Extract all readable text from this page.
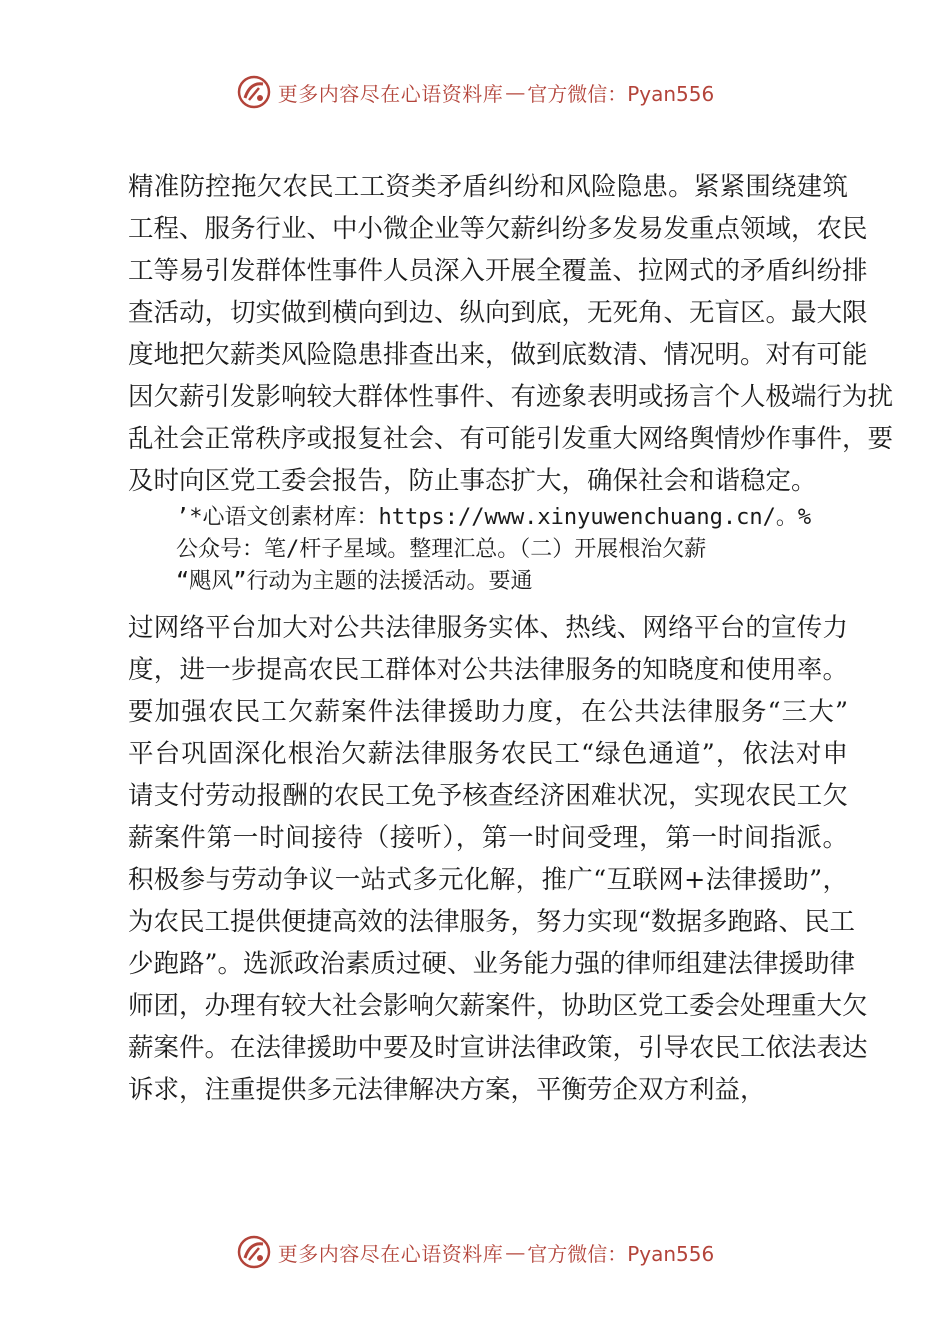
更多内容尽在心语资料库 — 官方微信：Pyan556
精准防控拖欠农民工工资类矛盾纠纷和风险隐患。紧紧围绕建筑
工程、服务行业、中小微企业等欠薪纠纷多发易发重点领域，农民
工等易引发群体性事件人员深入开展全覆盖、拉网式的矛盾纠纷排
查活动，切实做到横向到边、纵向到底，无死角、无盲区。最大限
度地把欠薪类风险隐患排查出来，做到底数清、情况明。对有可能
因欠薪引发影响较大群体性事件、有迹象表明或扬言个人极端行为扰
乱社会正常秩序或报复社会、有可能引发重大网络舆情炒作事件，要
及时向区党工委会报告，防止事态扩大，确保社会和谐稳定。
’*心语文创素材库：https://www.xinyuwenchuang.cn/。%
公众号：笔/杆子星域。整理汇总。（二）开展根治欠薪
“飓风”行动为主题的法援活动。要通
过网络平台加大对公共法律服务实体、热线、网络平台的宣传力
度，进一步提高农民工群体对公共法律服务的知晓度和使用率。
要加强农民工欠薪案件法律援助力度，在公共法律服务“三大”
平台巩固深化根治欠薪法律服务农民工“绿色通道”，依法对申
请支付劳动报酬的农民工免予核查经济困难状况，实现农民工欠
薪案件第一时间接待（接听），第一时间受理，第一时间指派。
积极参与劳动争议一站式多元化解，推广“互联网+法律援助”，
为农民工提供便捷高效的法律服务，努力实现“数据多跑路、民工
少跑路”。选派政治素质过硬、业务能力强的律师组建法律援助律
师团，办理有较大社会影响欠薪案件，协助区党工委会处理重大欠
薪案件。在法律援助中要及时宣讲法律政策，引导农民工依法表达
诉求，注重提供多元法律解决方案，平衡劳企双方利益，
更多内容尽在心语资料库 — 官方微信：Pyan556
